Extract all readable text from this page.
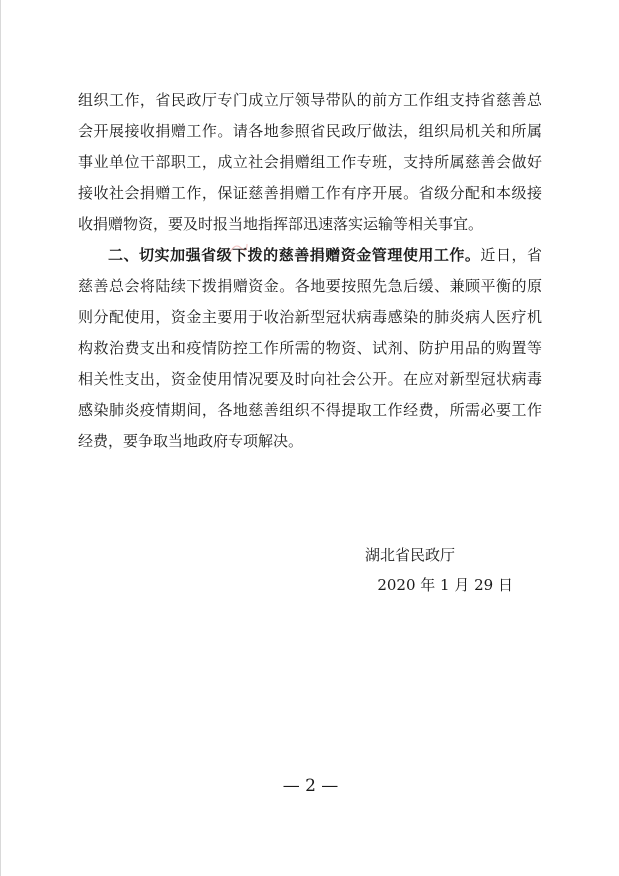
组织工作，省民政厅专门成立厅领导带队的前方工作组支持省慈善总会开展接收捐赠工作。请各地参照省民政厅做法，组织局机关和所属事业单位干部职工，成立社会捐赠组工作专班，支持所属慈善会做好接收社会捐赠工作，保证慈善捐赠工作有序开展。省级分配和本级接收捐赠物资，要及时报当地指挥部迅速落实运输等相关事宜。

二、切实加强省级下拨的慈善捐赠资金管理使用工作。近日，省慈善总会将陆续下拨捐赠资金。各地要按照先急后缓、兼顾平衡的原则分配使用，资金主要用于收治新型冠状病毒感染的肺炎病人医疗机构救治费支出和疫情防控工作所需的物资、试剂、防护用品的购置等相关性支出，资金使用情况要及时向社会公开。在应对新型冠状病毒感染肺炎疫情期间，各地慈善组织不得提取工作经费，所需必要工作经费，要争取当地政府专项解决。

湖北省民政厅
2020 年 1 月 29 日
— 2 —
